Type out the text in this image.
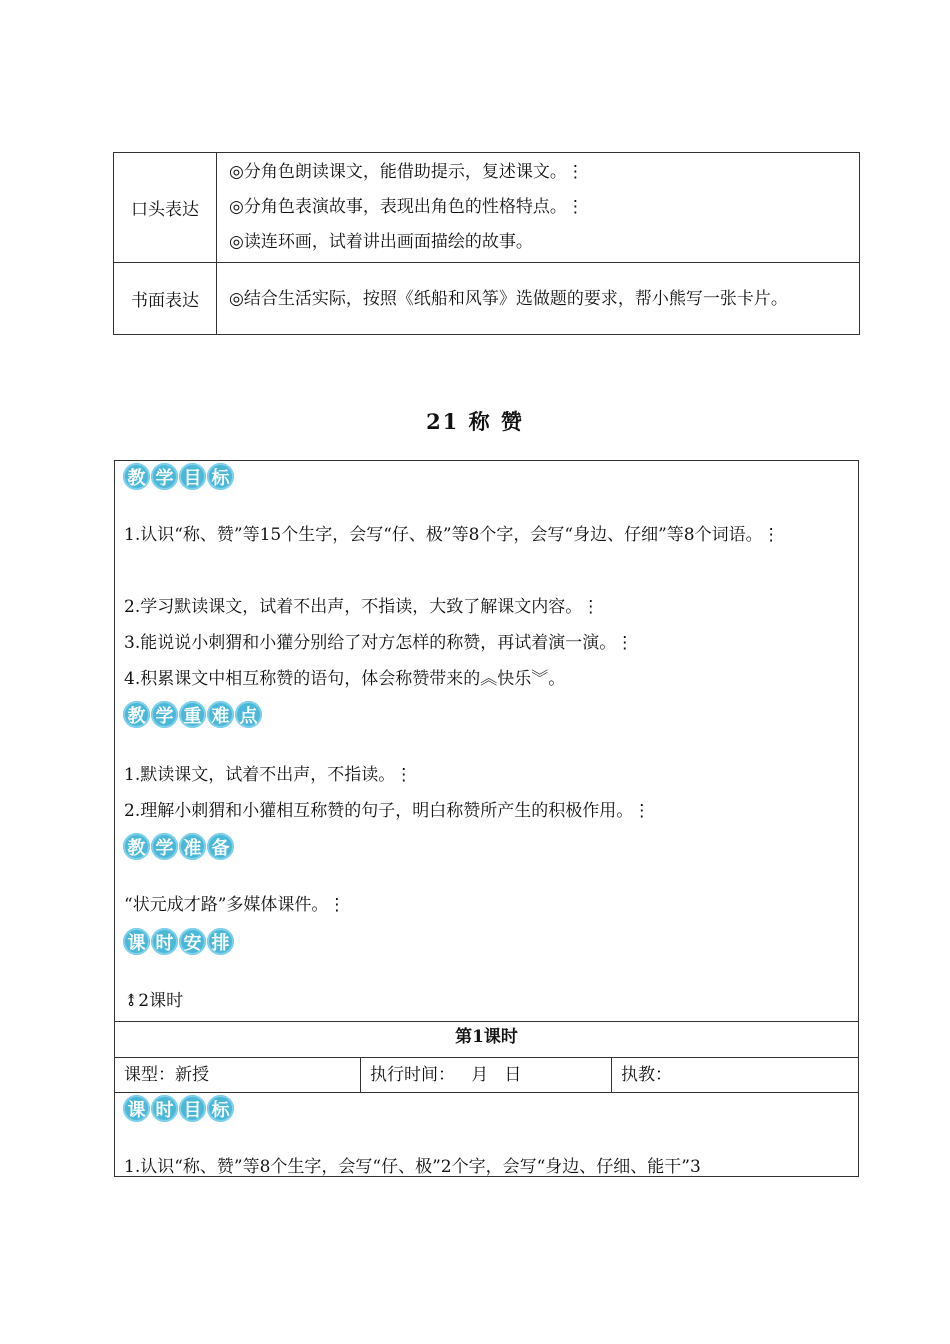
口头表达	◎分角色朗读课文，能借助提示，复述课文。⋮
◎分角色表演故事，表现出角色的性格特点。⋮
◎读连环画，试着讲出画面描绘的故事。

书面表达	◎结合生活实际，按照《纸船和风筝》选做题的要求，帮小熊写一张卡片。
21 称 赞
教 学 目 标
1.认识“称、赞”等15个生字，会写“仔、极”等8个字，会写“身边、仔细”等8个词语。⋮
2.学习默读课文，试着不出声，不指读，大致了解课文内容。⋮
3.能说说小刺猬和小獾分别给了对方怎样的称赞，再试着演一演。⋮
4.积累课文中相互称赞的语句，体会称赞带来的︽快乐︾。
教 学 重 难 点
1.默读课文，试着不出声，不指读。⋮
2.理解小刺猬和小獾相互称赞的句子，明白称赞所产生的积极作用。⋮
教 学 准 备
“状元成才路”多媒体课件。⋮
课 时 安 排
⥉2课时
第1课时
课型：新授	执行时间：   月   日	执教：
课 时 目 标
1.认识“称、赞”等8个生字，会写“仔、极”2个字，会写“身边、仔细、能干”3
